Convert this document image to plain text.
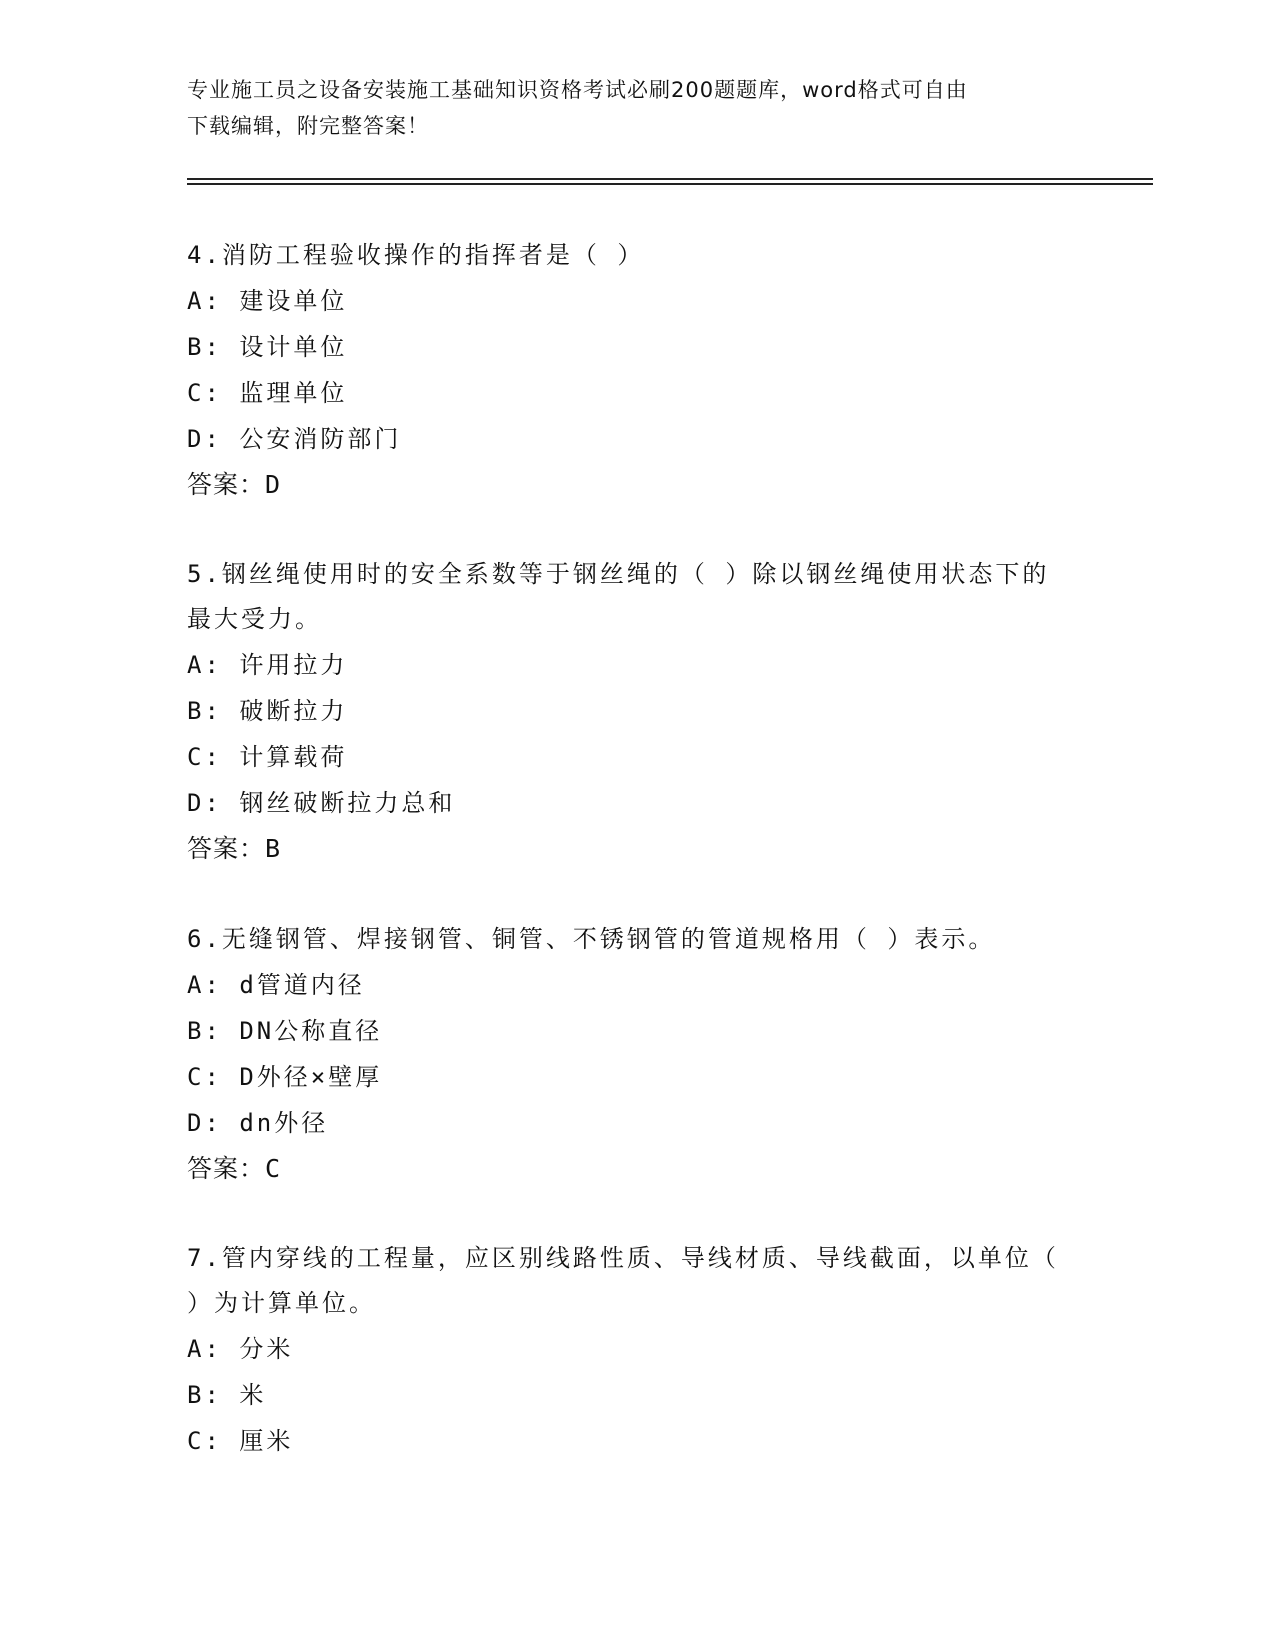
专业施工员之设备安装施工基础知识资格考试必刷200题题库，word格式可自由
下载编辑，附完整答案！
4.消防工程验收操作的指挥者是（ ）
A: 建设单位
B: 设计单位
C: 监理单位
D: 公安消防部门
答案：D
5.钢丝绳使用时的安全系数等于钢丝绳的（ ）除以钢丝绳使用状态下的最大受力。
A: 许用拉力
B: 破断拉力
C: 计算载荷
D: 钢丝破断拉力总和
答案：B
6.无缝钢管、焊接钢管、铜管、不锈钢管的管道规格用（ ）表示。
A: d管道内径
B: DN公称直径
C: D外径×壁厚
D: dn外径
答案：C
7.管内穿线的工程量，应区别线路性质、导线材质、导线截面，以单位（ ）为计算单位。
A: 分米
B: 米
C: 厘米
